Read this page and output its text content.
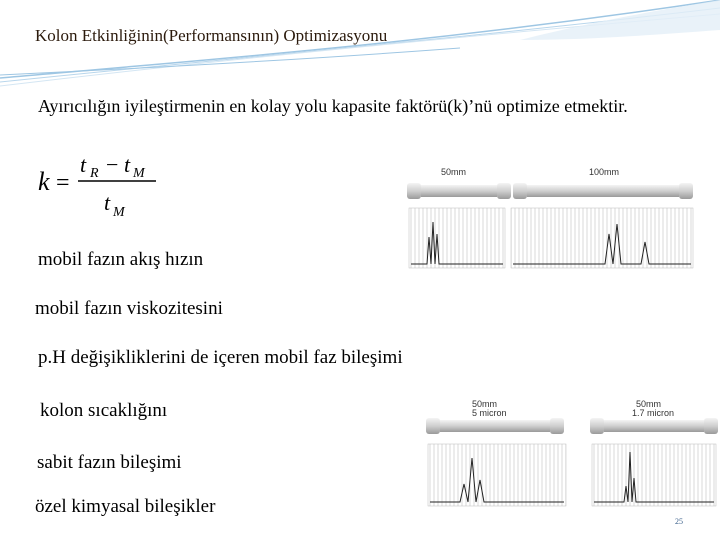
Kolon Etkinliğinin(Performansının) Optimizasyonu
Ayırıcılığın iyileştirmenin en kolay yolu kapasite faktörü(k)’nü optimize etmektir.
k =
t R − t M
t M
mobil fazın akış hızın
mobil fazın viskozitesini
p.H değişikliklerini de içeren mobil faz bileşimi
kolon sıcaklığını
sabit fazın bileşimi
özel kimyasal bileşikler
50mm	100mm
50mm
5 micron
50mm
1.7 micron
25
